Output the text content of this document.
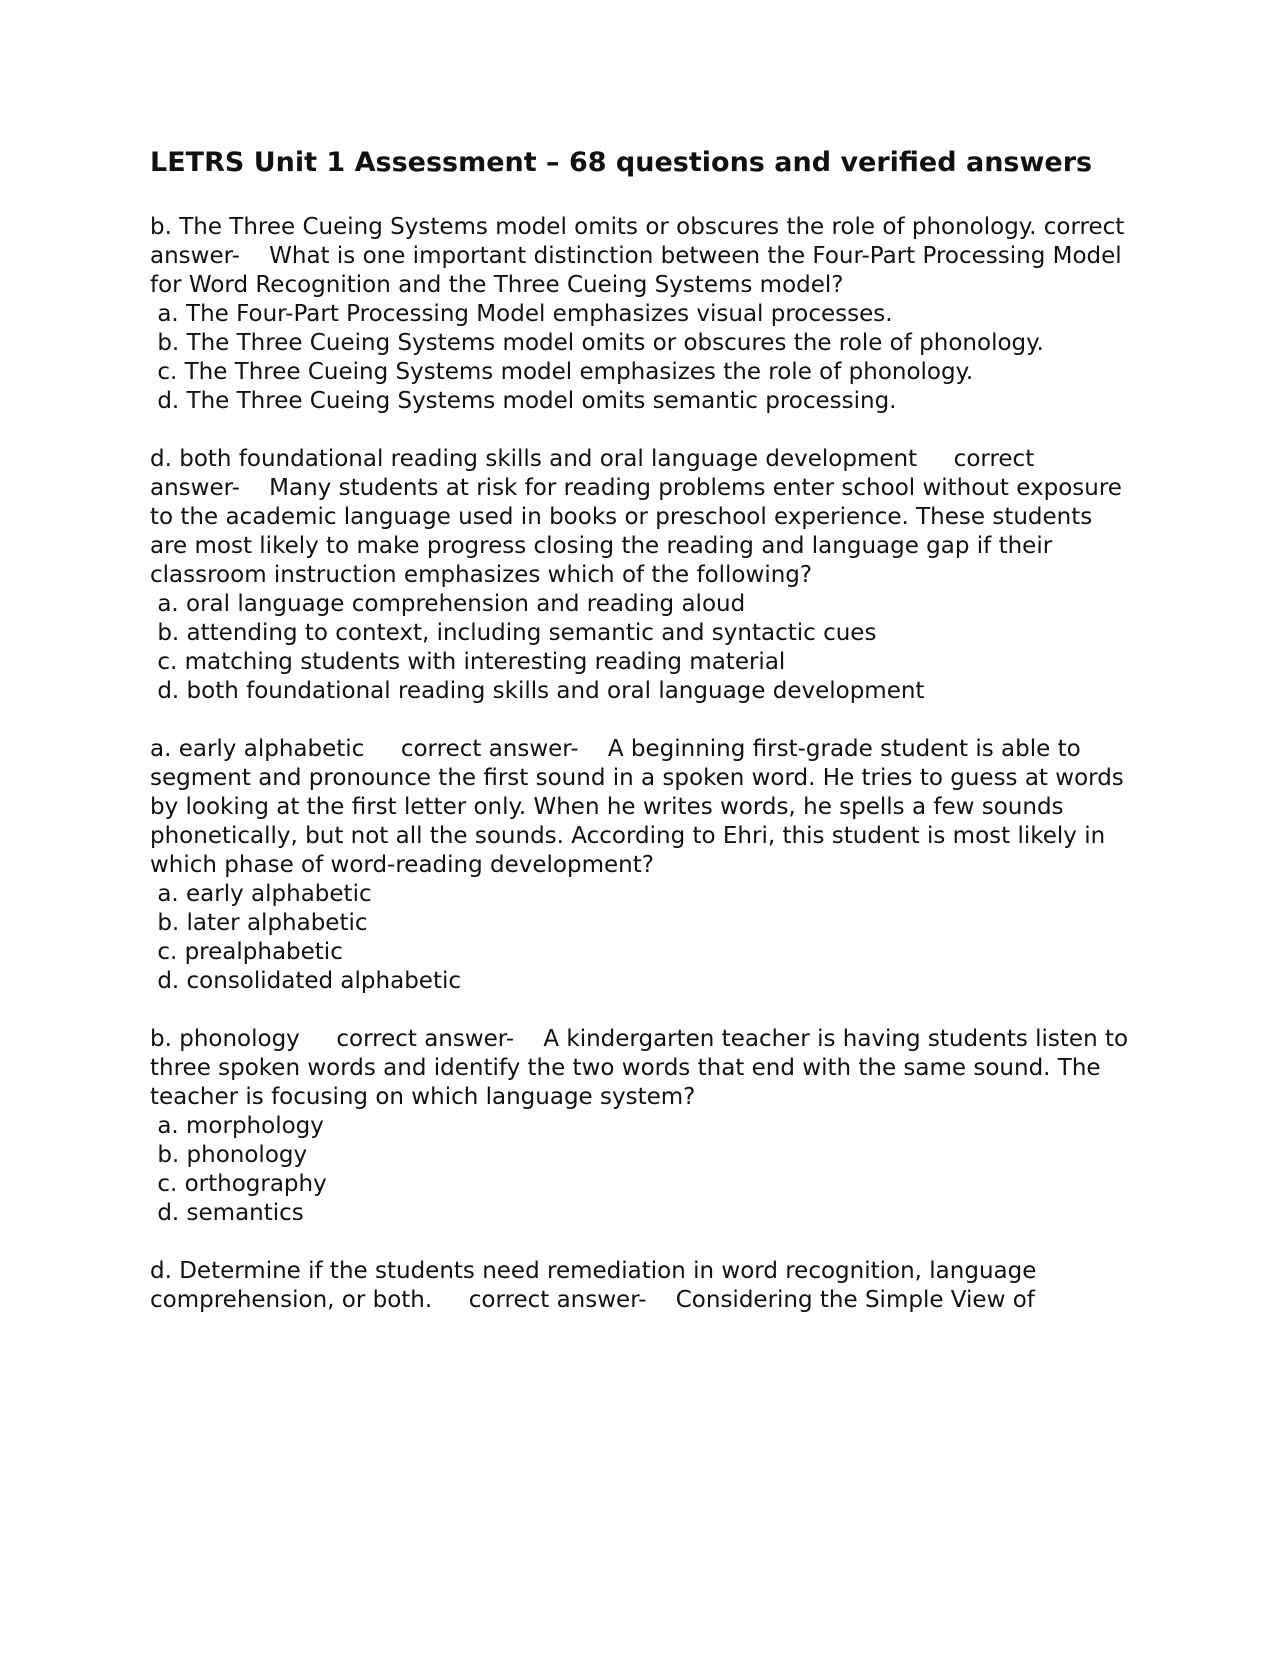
LETRS Unit 1 Assessment – 68 questions and verified answers

b. The Three Cueing Systems model omits or obscures the role of phonology. correct answer-    What is one important distinction between the Four-Part Processing Model for Word Recognition and the Three Cueing Systems model?

a. The Four-Part Processing Model emphasizes visual processes.

b. The Three Cueing Systems model omits or obscures the role of phonology.

c. The Three Cueing Systems model emphasizes the role of phonology.

d. The Three Cueing Systems model omits semantic processing.

d. both foundational reading skills and oral language development     correct answer-    Many students at risk for reading problems enter school without exposure to the academic language used in books or preschool experience. These students are most likely to make progress closing the reading and language gap if their classroom instruction emphasizes which of the following?

a. oral language comprehension and reading aloud

b. attending to context, including semantic and syntactic cues

c. matching students with interesting reading material

d. both foundational reading skills and oral language development

a. early alphabetic     correct answer-    A beginning first-grade student is able to segment and pronounce the first sound in a spoken word. He tries to guess at words by looking at the first letter only. When he writes words, he spells a few sounds phonetically, but not all the sounds. According to Ehri, this student is most likely in which phase of word-reading development?

a. early alphabetic

b. later alphabetic

c. prealphabetic

d. consolidated alphabetic

b. phonology     correct answer-    A kindergarten teacher is having students listen to three spoken words and identify the two words that end with the same sound. The teacher is focusing on which language system?

a. morphology

b. phonology

c. orthography

d. semantics

d. Determine if the students need remediation in word recognition, language comprehension, or both.     correct answer-    Considering the Simple View of
